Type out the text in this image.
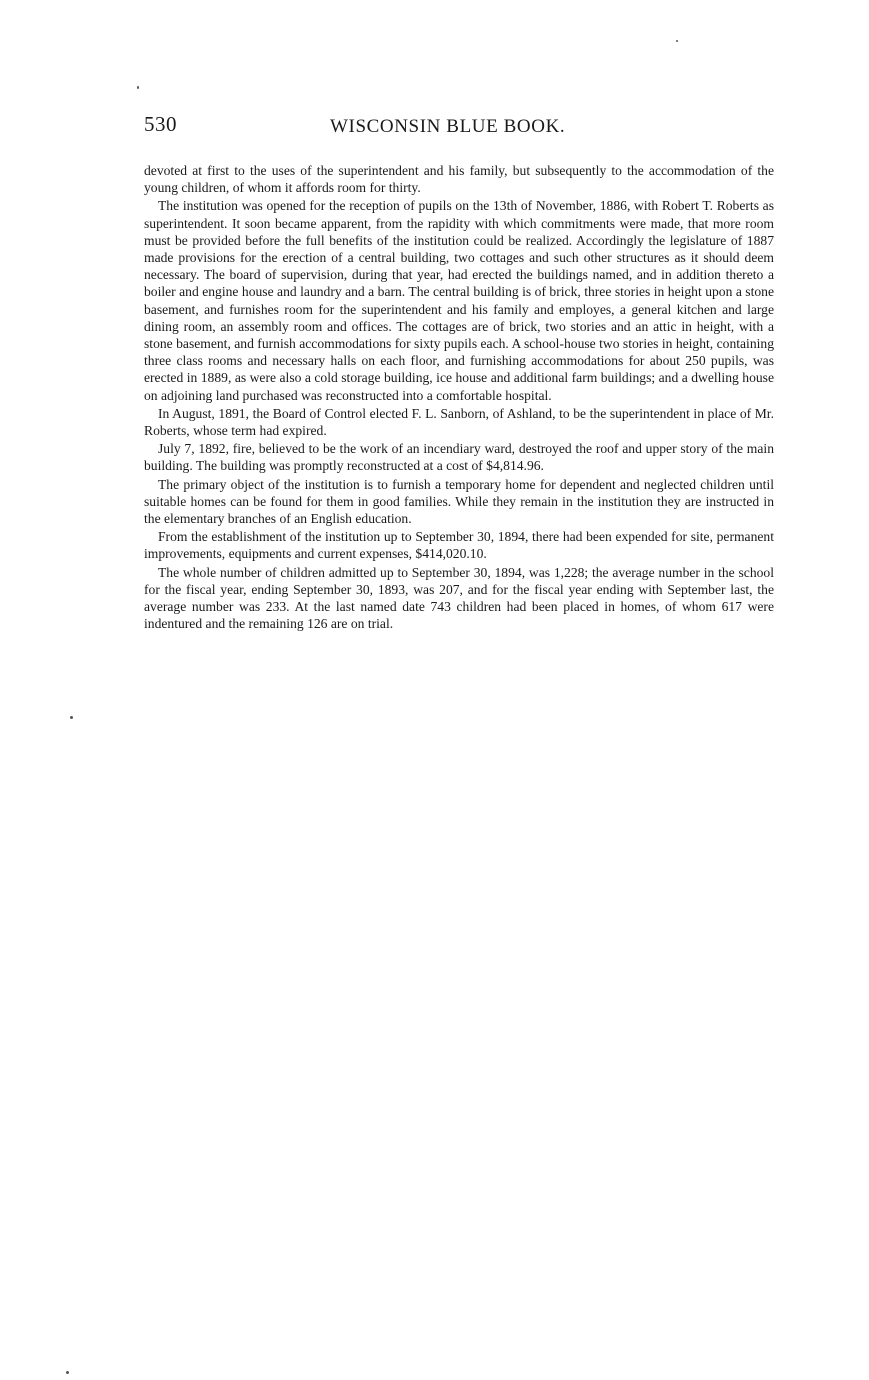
530	WISCONSIN BLUE BOOK.

devoted at first to the uses of the superintendent and his family, but subsequently to the accommodation of the young children, of whom it affords room for thirty.

The institution was opened for the reception of pupils on the 13th of November, 1886, with Robert T. Roberts as superintendent. It soon became apparent, from the rapidity with which commitments were made, that more room must be provided before the full benefits of the institution could be realized. Accordingly the legislature of 1887 made provisions for the erection of a central building, two cottages and such other structures as it should deem necessary. The board of supervision, during that year, had erected the buildings named, and in addition thereto a boiler and engine house and laundry and a barn. The central building is of brick, three stories in height upon a stone basement, and furnishes room for the superintendent and his family and employes, a general kitchen and large dining room, an assembly room and offices. The cottages are of brick, two stories and an attic in height, with a stone basement, and furnish accommodations for sixty pupils each. A school-house two stories in height, containing three class rooms and necessary halls on each floor, and furnishing accommodations for about 250 pupils, was erected in 1889, as were also a cold storage building, ice house and additional farm buildings; and a dwelling house on adjoining land purchased was reconstructed into a comfortable hospital.

In August, 1891, the Board of Control elected F. L. Sanborn, of Ashland, to be the superintendent in place of Mr. Roberts, whose term had expired.

July 7, 1892, fire, believed to be the work of an incendiary ward, destroyed the roof and upper story of the main building. The building was promptly reconstructed at a cost of $4,814.96.

The primary object of the institution is to furnish a temporary home for dependent and neglected children until suitable homes can be found for them in good families. While they remain in the institution they are instructed in the elementary branches of an English education.

From the establishment of the institution up to September 30, 1894, there had been expended for site, permanent improvements, equipments and current expenses, $414,020.10.

The whole number of children admitted up to September 30, 1894, was 1,228; the average number in the school for the fiscal year, ending September 30, 1893, was 207, and for the fiscal year ending with September last, the average number was 233. At the last named date 743 children had been placed in homes, of whom 617 were indentured and the remaining 126 are on trial.
